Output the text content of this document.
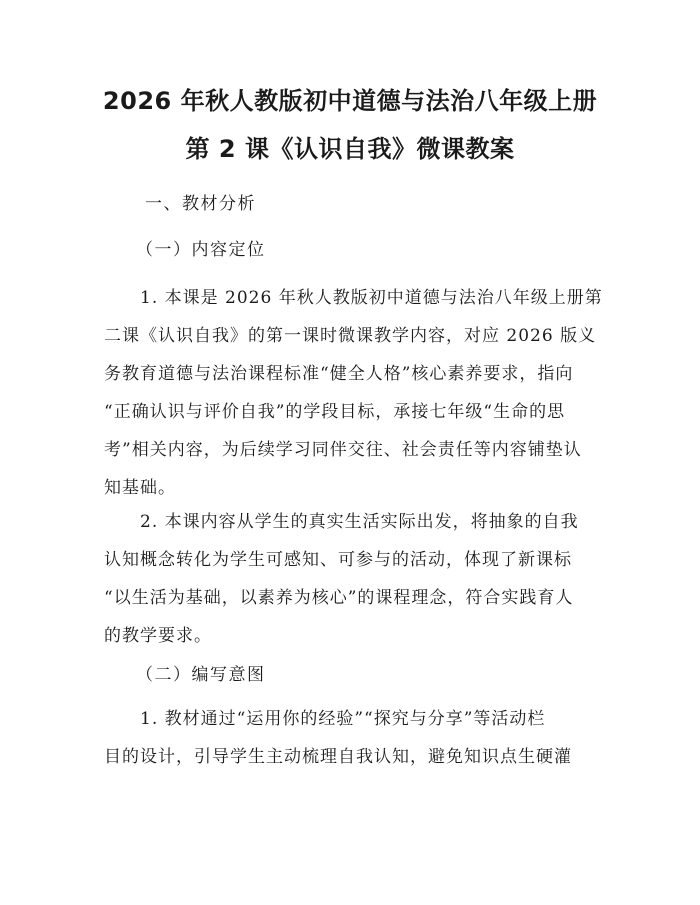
2026 年秋人教版初中道德与法治八年级上册
第 2 课《认识自我》微课教案
一、教材分析
（一）内容定位
1. 本课是 2026 年秋人教版初中道德与法治八年级上册第
二课《认识自我》的第一课时微课教学内容，对应 2026 版义
务教育道德与法治课程标准“健全人格”核心素养要求，指向
“正确认识与评价自我”的学段目标，承接七年级“生命的思
考”相关内容，为后续学习同伴交往、社会责任等内容铺垫认
知基础。
2. 本课内容从学生的真实生活实际出发，将抽象的自我
认知概念转化为学生可感知、可参与的活动，体现了新课标
“以生活为基础，以素养为核心”的课程理念，符合实践育人
的教学要求。
（二）编写意图
1. 教材通过“运用你的经验”“探究与分享”等活动栏
目的设计，引导学生主动梳理自我认知，避免知识点生硬灌
